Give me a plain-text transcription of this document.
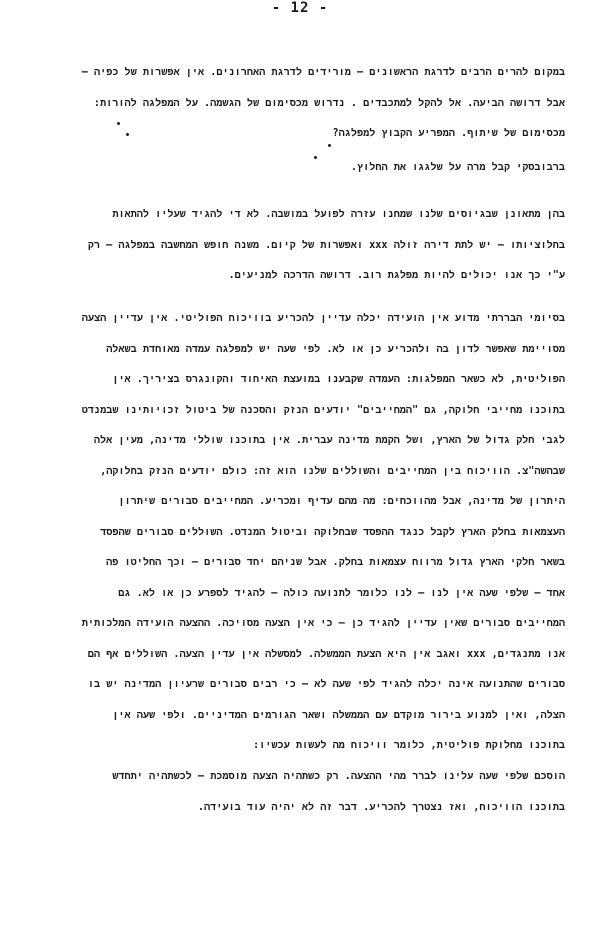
- 12 -
במקום להרים הרבים לדרגת הראשונים – מורידים לדרגת האחרונים. אין אפשרות של כפיה –
אבל דרושה הביעה. אל להקל למתכבדים . נדרוש מכסימום של הגשמה. על המפלגה להורות:
מכסימום של שיתוף. המפריע הקבוץ למפלגה?
ברבובסקי קבל מרה על שלגגו את החלוץ.
בהן מתאונן שבגיוסים שלנו שמחנו עזרה לפועל במושבה. לא די להגיד שעליו להתאות
בחלוציותו – יש לתת דירה זולה xxx ואפשרות של קיום. משנה חופש המחשבה במפלגה – רק
ע"י כך אנו יכולים להיות מפלגת רוב. דרושה הדרכה למניעים.
בסיומי הבררתי מדוע אין הועידה יכלה עדיין להכריע בוויכוח הפוליטי. אין עדיין הצעה
מסויימת שאפשר לדון בה ולהכריע כן או לא. לפי שעה יש למפלגה עמדה מאוחדת בשאלה
הפוליטית, לא כשאר המפלגות: העמדה שקבענו במועצת האיחוד והקונגרס בציריך. אין
בתוכנו מחייבי חלוקה, גם "המחייבים" יודעים הנזק והסכנה של ביטול זכויותינו שבמנדט
לגבי חלק גדול של הארץ, ושל הקמת מדינה עברית. אין בתוכנו שוללי מדינה, מעין אלה
שבהשה"צ. הוויכוח בין המחייבים והשוללים שלנו הוא זה: כולם יודעים הנזק בחלוקה,
היתרון של מדינה, אבל מהווכחים: מה מהם עדיף ומכריע. המחייבים סבורים שיתרון
העצמאות בחלק הארץ לקבל כנגד ההפסד שבחלוקה וביטול המנדט. השוללים סבורים שהפסד
בשאר חלקי הארץ גדול מרווח עצמאות בחלק. אבל שניהם יחד סבורים – וכך החליטו פה
אחד – שלפי שעה אין לנו – לנו כלומר לתנועה כולה – להגיד לספרע כן או לא. גם
המחייבים סבורים שאין עדיין להגיד כן – כי אין הצעה מסויכה. ההצעה הועידה המלכותית
אנו מתנגדים, xxx ואגב אין היא הצעת הממשלה. למסשלה אין עדין הצעה. השוללים אף הם
סבורים שהתנועה אינה יכלה להגיד לפי שעה לא – כי רבים סבורים שרעיון המדינה יש בו
הצלה, ואין למנוע בירור מוקדם עם הממשלה ושאר הגורמים המדיניים. ולפי שעה אין
בתוכנו מחלוקת פוליטית, כלומר וויכוח מה לעשות עכשיו:
הוסכם שלפי שעה עלינו לברר מהי ההצעה. רק כשתהיה הצעה מוסמכת – לכשתהיה יתחדש
בתוכנו הוויכוח, ואז נצטרך להכריע. דבר זה לא יהיה עוד בועידה.
